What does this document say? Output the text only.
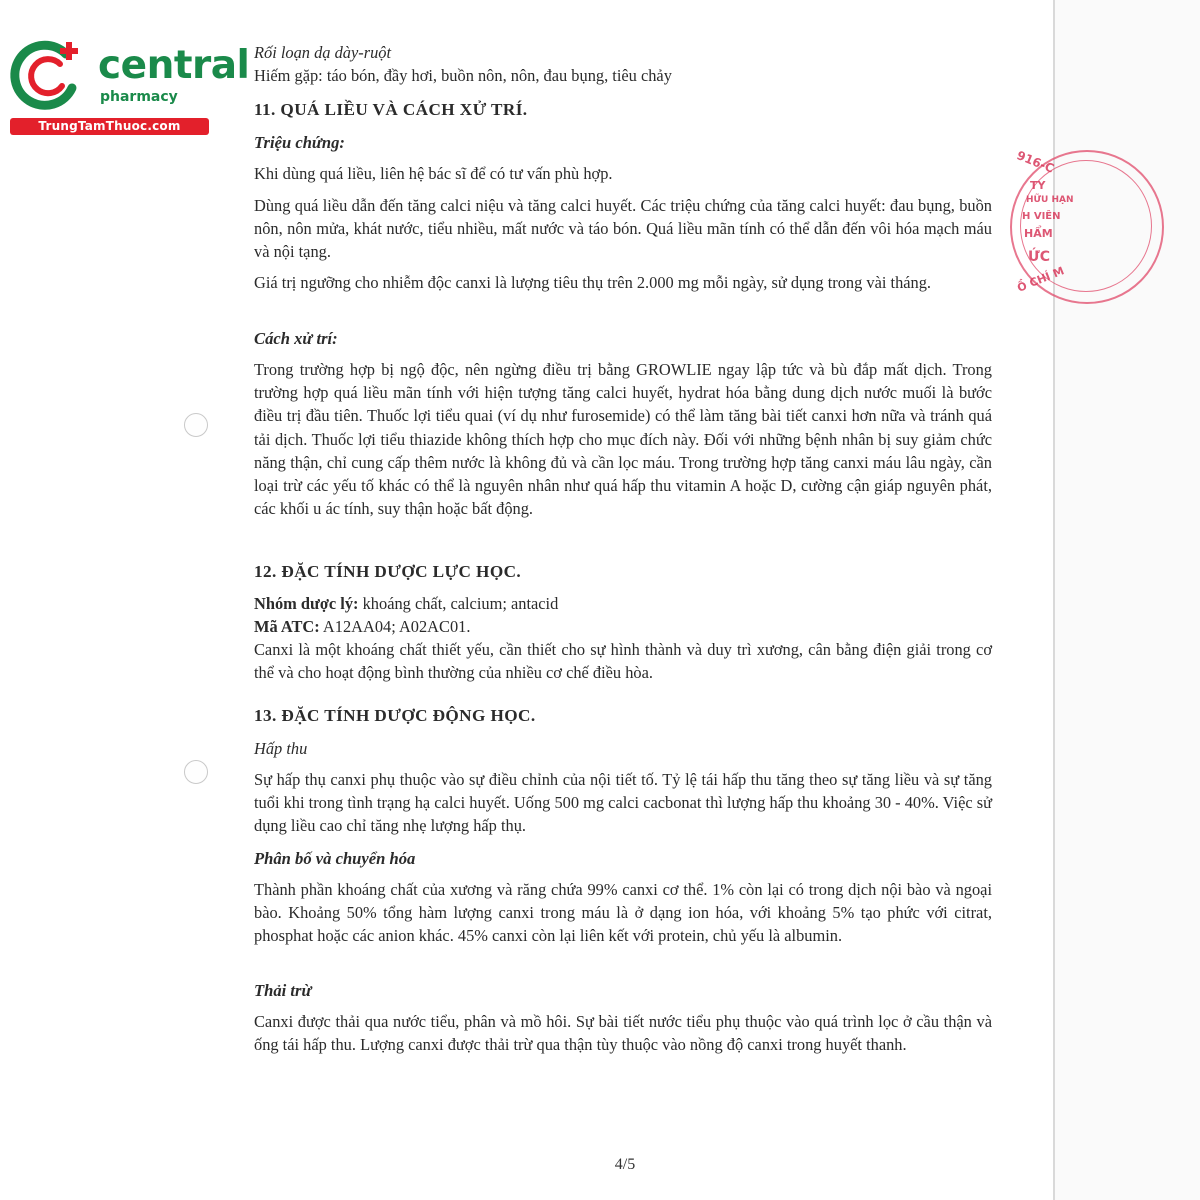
central
pharmacy
TrungTamThuoc.com
916-C
TY
HỮU HẠN
H VIÊN
HẨM
ỨC
Ồ CHÍ M
Rối loạn dạ dày-ruột
Hiếm gặp: táo bón, đầy hơi, buồn nôn, nôn, đau bụng, tiêu chảy
11. QUÁ LIỀU VÀ CÁCH XỬ TRÍ.
Triệu chứng:
Khi dùng quá liều, liên hệ bác sĩ để có tư vấn phù hợp.
Dùng quá liều dẫn đến tăng calci niệu và tăng calci huyết. Các triệu chứng của tăng calci huyết: đau bụng, buồn nôn, nôn mửa, khát nước, tiểu nhiều, mất nước và táo bón. Quá liều mãn tính có thể dẫn đến vôi hóa mạch máu và nội tạng.
Giá trị ngưỡng cho nhiễm độc canxi là lượng tiêu thụ trên 2.000 mg mỗi ngày, sử dụng trong vài tháng.
Cách xử trí:
Trong trường hợp bị ngộ độc, nên ngừng điều trị bằng GROWLIE ngay lập tức và bù đắp mất dịch. Trong trường hợp quá liều mãn tính với hiện tượng tăng calci huyết, hydrat hóa bằng dung dịch nước muối là bước điều trị đầu tiên. Thuốc lợi tiểu quai (ví dụ như furosemide) có thể làm tăng bài tiết canxi hơn nữa và tránh quá tải dịch. Thuốc lợi tiểu thiazide không thích hợp cho mục đích này. Đối với những bệnh nhân bị suy giảm chức năng thận, chỉ cung cấp thêm nước là không đủ và cần lọc máu. Trong trường hợp tăng canxi máu lâu ngày, cần loại trừ các yếu tố khác có thể là nguyên nhân như quá hấp thu vitamin A hoặc D, cường cận giáp nguyên phát, các khối u ác tính, suy thận hoặc bất động.
12. ĐẶC TÍNH DƯỢC LỰC HỌC.
Nhóm dược lý: khoáng chất, calcium; antacid
Mã ATC: A12AA04; A02AC01.
Canxi là một khoáng chất thiết yếu, cần thiết cho sự hình thành và duy trì xương, cân bằng điện giải trong cơ thể và cho hoạt động bình thường của nhiều cơ chế điều hòa.
13. ĐẶC TÍNH DƯỢC ĐỘNG HỌC.
Hấp thu
Sự hấp thụ canxi phụ thuộc vào sự điều chỉnh của nội tiết tố. Tỷ lệ tái hấp thu tăng theo sự tăng liều và sự tăng tuổi khi trong tình trạng hạ calci huyết. Uống 500 mg calci cacbonat thì lượng hấp thu khoảng 30 - 40%. Việc sử dụng liều cao chỉ tăng nhẹ lượng hấp thụ.
Phân bố và chuyển hóa
Thành phần khoáng chất của xương và răng chứa 99% canxi cơ thể. 1% còn lại có trong dịch nội bào và ngoại bào. Khoảng 50% tổng hàm lượng canxi trong máu là ở dạng ion hóa, với khoảng 5% tạo phức với citrat, phosphat hoặc các anion khác. 45% canxi còn lại liên kết với protein, chủ yếu là albumin.
Thải trừ
Canxi được thải qua nước tiểu, phân và mồ hôi. Sự bài tiết nước tiểu phụ thuộc vào quá trình lọc ở cầu thận và ống tái hấp thu. Lượng canxi được thải trừ qua thận tùy thuộc vào nồng độ canxi trong huyết thanh.
4/5
